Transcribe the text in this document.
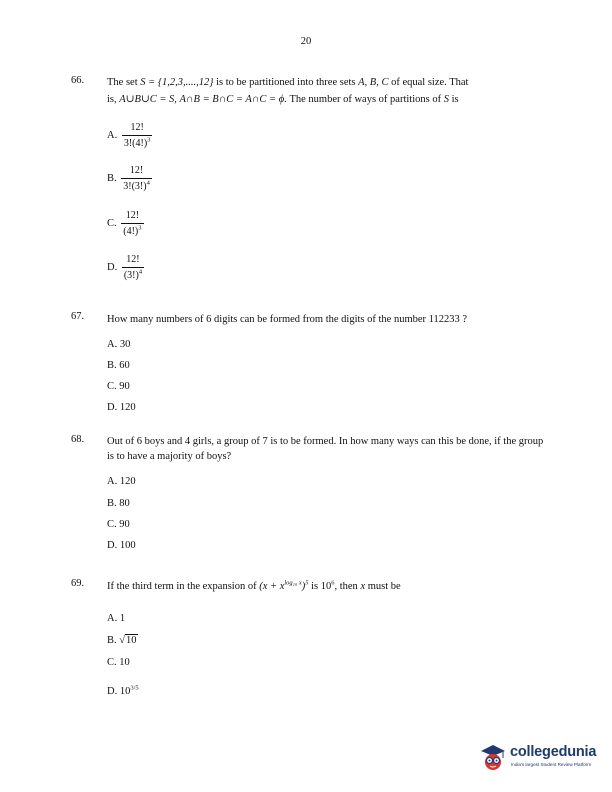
20
66. The set S = {1,2,3,....,12} is to be partitioned into three sets A, B, C of equal size. That
is, A∪B∪C = S, A∩B = B∩C = A∩C = ϕ. The number of ways of partitions of S is
A. $\frac{12!}{3!(4!)^3}$
B. $\frac{12!}{3!(3!)^4}$
C. $\frac{12!}{(4!)^3}$
D. $\frac{12!}{(3!)^4}$
67. How many numbers of 6 digits can be formed from the digits of the number 112233 ?
A. 30
B. 60
C. 90
D. 120
68. Out of 6 boys and 4 girls, a group of 7 is to be formed. In how many ways can this be done, if the group is to have a majority of boys?
A. 120
B. 80
C. 90
D. 100
69. If the third term in the expansion of $(x + x^{log_{10} x})^5$ is $10^6$, then x must be
A. 1
B. √10
C. 10
D. $10^{3/5}$
collegedunia
India's largest Student Review Platform
